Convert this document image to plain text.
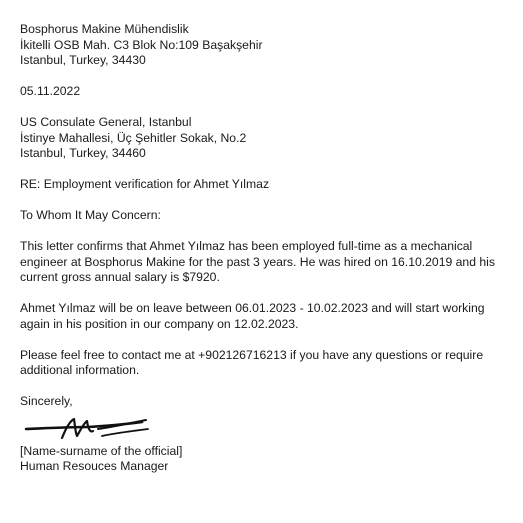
Bosphorus Makine Mühendislik
İkitelli OSB Mah. C3 Blok No:109 Başakşehir
Istanbul, Turkey, 34430
05.11.2022
US Consulate General, Istanbul
İstinye Mahallesi, Üç Şehitler Sokak, No.2
Istanbul, Turkey, 34460
RE: Employment verification for Ahmet Yılmaz
To Whom It May Concern:
This letter confirms that Ahmet Yılmaz has been employed full-time as a mechanical engineer at Bosphorus Makine for the past 3 years. He was hired on 16.10.2019 and his current gross annual salary is $7920.
Ahmet Yılmaz will be on leave between 06.01.2023 - 10.02.2023 and will start working again in his position in our company on 12.02.2023.
Please feel free to contact me at +902126716213 if you have any questions or require additional information.
Sincerely,
[Name-surname of the official]
Human Resouces Manager
